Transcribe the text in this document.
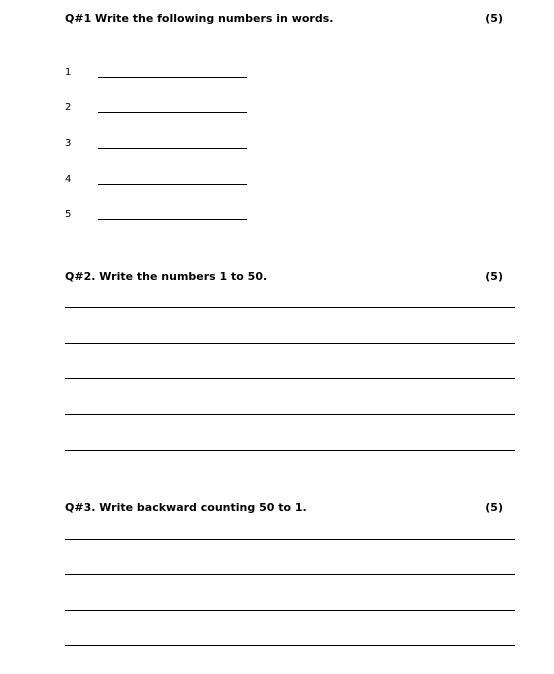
Q#1 Write the following numbers in words.	(5)
1
2
3
4
5
Q#2. Write the numbers 1 to 50.	(5)
Q#3. Write backward counting 50 to 1.	(5)
